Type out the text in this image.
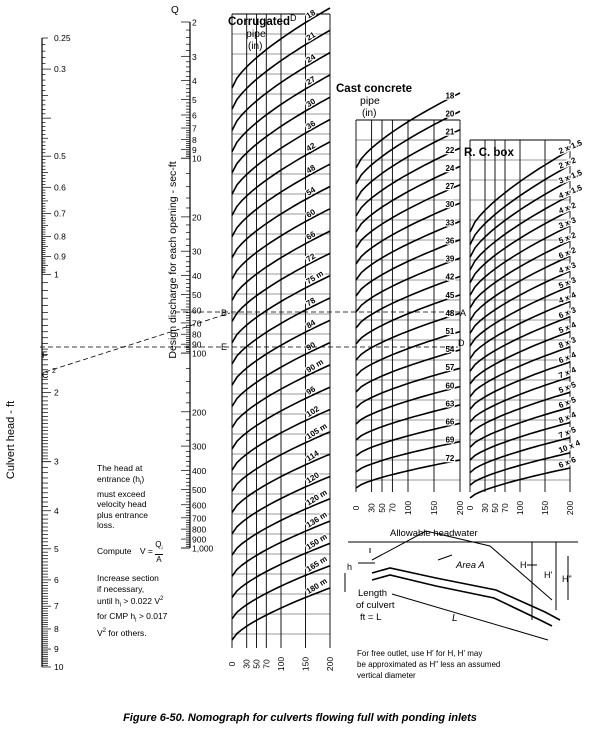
0.25
0.3
0.5
0.6
0.7
0.8
0.9
1
2
3
4
5
6
7
8
9
10
Culvert head - ft
2
3
4
5
6
7
8
9
10
20
30
40
50
60
70
80
90
100
200
300
400
500
600
700
800
900
1,000
Q
Design discharge for each opening - sec-ft
18
21
24
27
30
36
42
48
54
60
66
72
75 m
78
84
90
90 m
96
102
105 m
114
120
120 m
136 m
150 m
165 m
180 m
0 30 50 70 100 150 200
18
20
21
22
24
27
30
33
36
39
42
45
48
51
54
57
60
63
66
69
72
0 30 50 70 100 150 200
2 x 1.5
2 x 2
3 x 1.5
4 x 1.5
4 x 2
3 x 3
5 x 2
6 x 2
4 x 3
5 x 3
4 x 4
6 x 3
5 x 4
8 x 3
6 x 4
7 x 4
5 x 5
6 x 5
8 x 4
7 x 5
10 x 4
6 x 6
0 30 50 70 100 150 200
Corrugated
pipe
(in)
Cast concrete
pipe
(in)
R. C. box
F
C 2
B
E
D
A
D
Allowable headwater
Area A
Length
of culvert
ft = L	L
H
H' H"
h
The head at
entrance $(h_i)$
must exceed
velocity head
plus entrance
loss.
Compute $V = \frac{Q_i}{A}$
Increase section
if necessary,
until $h_i > 0.022$ $V^2$
for CMP $h_i > 0.017$
$V^2$ for others.
For free outlet, use H' for H, H' may
be approximated as H" less an assumed
vertical diameter
Figure 6-50. Nomograph for culverts flowing full with ponding inlets
